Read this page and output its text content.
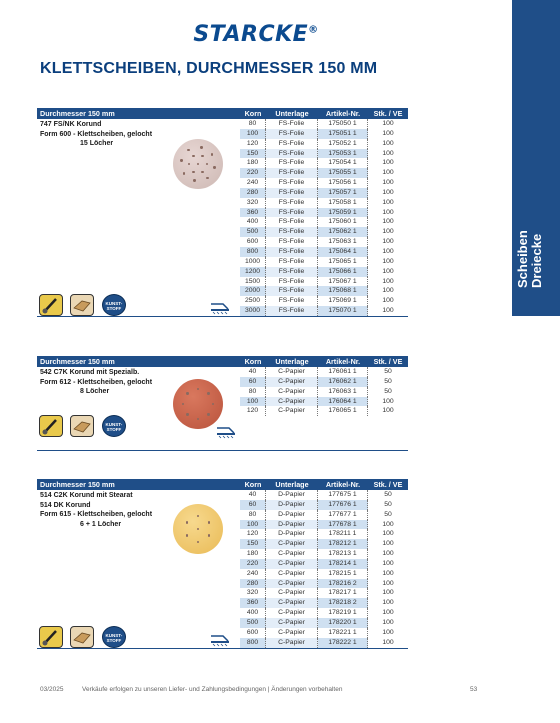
STARCKE®
Scheiben Dreiecke
KLETTSCHEIBEN, DURCHMESSER 150 MM
Durchmesser 150 mm	Korn	Unterlage	Artikel-Nr.	Stk. / VE
747 FS/NK Korund
Form 600 - Klettscheiben, gelocht

15 Löcher
KUNST-
STOFF
80	FS-Folie	175050 1	100
100	FS-Folie	175051 1	100
120	FS-Folie	175052 1	100
150	FS-Folie	175053 1	100
180	FS-Folie	175054 1	100
220	FS-Folie	175055 1	100
240	FS-Folie	175056 1	100
280	FS-Folie	175057 1	100
320	FS-Folie	175058 1	100
360	FS-Folie	175059 1	100
400	FS-Folie	175060 1	100
500	FS-Folie	175062 1	100
600	FS-Folie	175063 1	100
800	FS-Folie	175064 1	100
1000	FS-Folie	175065 1	100
1200	FS-Folie	175066 1	100
1500	FS-Folie	175067 1	100
2000	FS-Folie	175068 1	100
2500	FS-Folie	175069 1	100
3000	FS-Folie	175070 1	100
Durchmesser 150 mm	Korn	Unterlage	Artikel-Nr.	Stk. / VE
542 C7K Korund mit Spezialb.
Form 612 - Klettscheiben, gelocht

8 Löcher
KUNST-
STOFF
40	C-Papier	176061 1	50
60	C-Papier	176062 1	50
80	C-Papier	176063 1	50
100	C-Papier	176064 1	100
120	C-Papier	176065 1	100
Durchmesser 150 mm	Korn	Unterlage	Artikel-Nr.	Stk. / VE
514 C2K Korund mit Stearat
514 DK Korund
Form 615 - Klettscheiben, gelocht

6 + 1 Löcher
KUNST-
STOFF
40	D-Papier	177675 1	50
60	D-Papier	177676 1	50
80	D-Papier	177677 1	50
100	D-Papier	177678 1	100
120	D-Papier	178211 1	100
150	C-Papier	178212 1	100
180	C-Papier	178213 1	100
220	C-Papier	178214 1	100
240	C-Papier	178215 1	100
280	C-Papier	178216 2	100
320	C-Papier	178217 1	100
360	C-Papier	178218 2	100
400	C-Papier	178219 1	100
500	C-Papier	178220 1	100
600	C-Papier	178221 1	100
800	C-Papier	178222 1	100
03/2025	Verkäufe erfolgen zu unseren Liefer- und Zahlungsbedingungen | Änderungen vorbehalten	53
